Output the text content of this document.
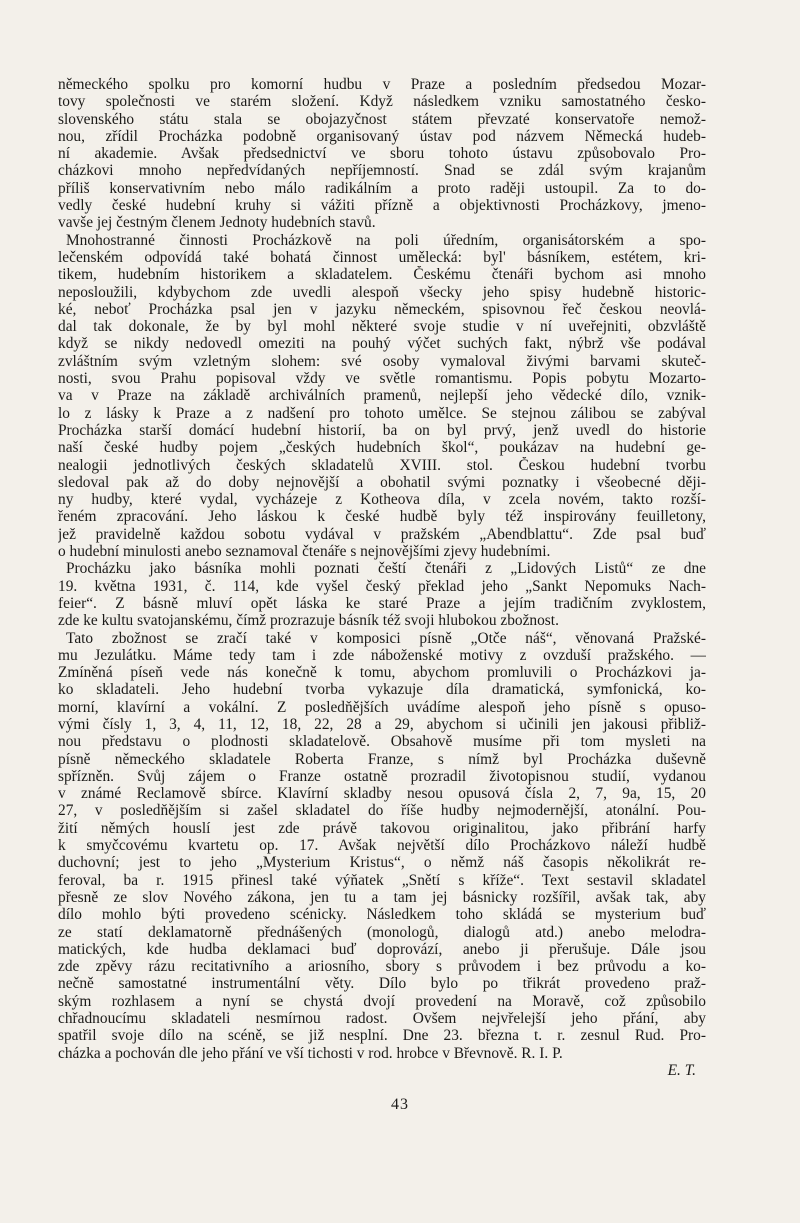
německého spolku pro komorní hudbu v Praze a posledním předsedou Mozar-
tovy společnosti ve starém složení. Když následkem vzniku samostatného česko-
slovenského státu stala se obojazyčnost státem převzaté konservatoře nemož-
nou, zřídil Procházka podobně organisovaný ústav pod názvem Německá hudeb-
ní akademie. Avšak předsednictví ve sboru tohoto ústavu způsobovalo Pro-
cházkovi mnoho nepředvídaných nepříjemností. Snad se zdál svým krajanům
příliš konservativním nebo málo radikálním a proto raději ustoupil. Za to do-
vedly české hudební kruhy si vážiti přízně a objektivnosti Procházkovy, jmeno-
vavše jej čestným členem Jednoty hudebních stavů.
Mnohostranné činnosti Procházkově na poli úředním, organisátorském a spo-
lečenském odpovídá také bohatá činnost umělecká: byl' básníkem, estétem, kri-
tikem, hudebním historikem a skladatelem. Českému čtenáři bychom asi mnoho
neposloužili, kdybychom zde uvedli alespoň všecky jeho spisy hudebně historic-
ké, neboť Procházka psal jen v jazyku německém, spisovnou řeč českou neovlá-
dal tak dokonale, že by byl mohl některé svoje studie v ní uveřejniti, obzvláště
když se nikdy nedovedl omeziti na pouhý výčet suchých fakt, nýbrž vše podával
zvláštním svým vzletným slohem: své osoby vymaloval živými barvami skuteč-
nosti, svou Prahu popisoval vždy ve světle romantismu. Popis pobytu Mozarto-
va v Praze na základě archiválních pramenů, nejlepší jeho vědecké dílo, vznik-
lo z lásky k Praze a z nadšení pro tohoto umělce. Se stejnou zálibou se zabýval
Procházka starší domácí hudební historií, ba on byl prvý, jenž uvedl do historie
naší české hudby pojem „českých hudebních škol“, poukázav na hudební ge-
nealogii jednotlivých českých skladatelů XVIII. stol. Českou hudební tvorbu
sledoval pak až do doby nejnovější a obohatil svými poznatky i všeobecné ději-
ny hudby, které vydal, vycházeje z Kotheova díla, v zcela novém, takto rozší-
řeném zpracování. Jeho láskou k české hudbě byly též inspirovány feuilletony,
jež pravidelně každou sobotu vydával v pražském „Abendblattu“. Zde psal buď
o hudební minulosti anebo seznamoval čtenáře s nejnovějšími zjevy hudebními.
Procházku jako básníka mohli poznati čeští čtenáři z „Lidových Listů“ ze dne
19. května 1931, č. 114, kde vyšel český překlad jeho „Sankt Nepomuks Nach-
feier“. Z básně mluví opět láska ke staré Praze a jejím tradičním zvyklostem,
zde ke kultu svatojanskému, čímž prozrazuje básník též svoji hlubokou zbožnost.
Tato zbožnost se zračí také v komposici písně „Otče náš“, věnovaná Pražské-
mu Jezulátku. Máme tedy tam i zde náboženské motivy z ovzduší pražského. —
Zmíněná píseň vede nás konečně k tomu, abychom promluvili o Procházkovi ja-
ko skladateli. Jeho hudební tvorba vykazuje díla dramatická, symfonická, ko-
morní, klavírní a vokální. Z posledňějších uvádíme alespoň jeho písně s opuso-
vými čísly 1, 3, 4, 11, 12, 18, 22, 28 a 29, abychom si učinili jen jakousi přibliž-
nou představu o plodnosti skladatelově. Obsahově musíme při tom mysleti na
písně německého skladatele Roberta Franze, s nímž byl Procházka duševně
spřízněn. Svůj zájem o Franze ostatně prozradil životopisnou studií, vydanou
v známé Reclamově sbírce. Klavírní skladby nesou opusová čísla 2, 7, 9a, 15, 20
27, v posledňějším si zašel skladatel do říše hudby nejmodernější, atonální. Pou-
žití němých houslí jest zde právě takovou originalitou, jako přibrání harfy
k smyčcovému kvartetu op. 17. Avšak největší dílo Procházkovo náleží hudbě
duchovní; jest to jeho „Mysterium Kristus“, o němž náš časopis několikrát re-
feroval, ba r. 1915 přinesl také výňatek „Snětí s kříže“. Text sestavil skladatel
přesně ze slov Nového zákona, jen tu a tam jej básnicky rozšířil, avšak tak, aby
dílo mohlo býti provedeno scénicky. Následkem toho skládá se mysterium buď
ze statí deklamatorně přednášených (monologů, dialogů atd.) anebo melodra-
matických, kde hudba deklamaci buď doprovází, anebo ji přerušuje. Dále jsou
zde zpěvy rázu recitativního a ariosního, sbory s průvodem i bez průvodu a ko-
nečně samostatné instrumentální věty. Dílo bylo po třikrát provedeno praž-
ským rozhlasem a nyní se chystá dvojí provedení na Moravě, což způsobilo
chřadnoucímu skladateli nesmírnou radost. Ovšem nejvřelejší jeho přání, aby
spatřil svoje dílo na scéně, se již nesplní. Dne 23. března t. r. zesnul Rud. Pro-
cházka a pochován dle jeho přání ve vší tichosti v rod. hrobce v Břevnově. R. I. P.
E. T.
43
